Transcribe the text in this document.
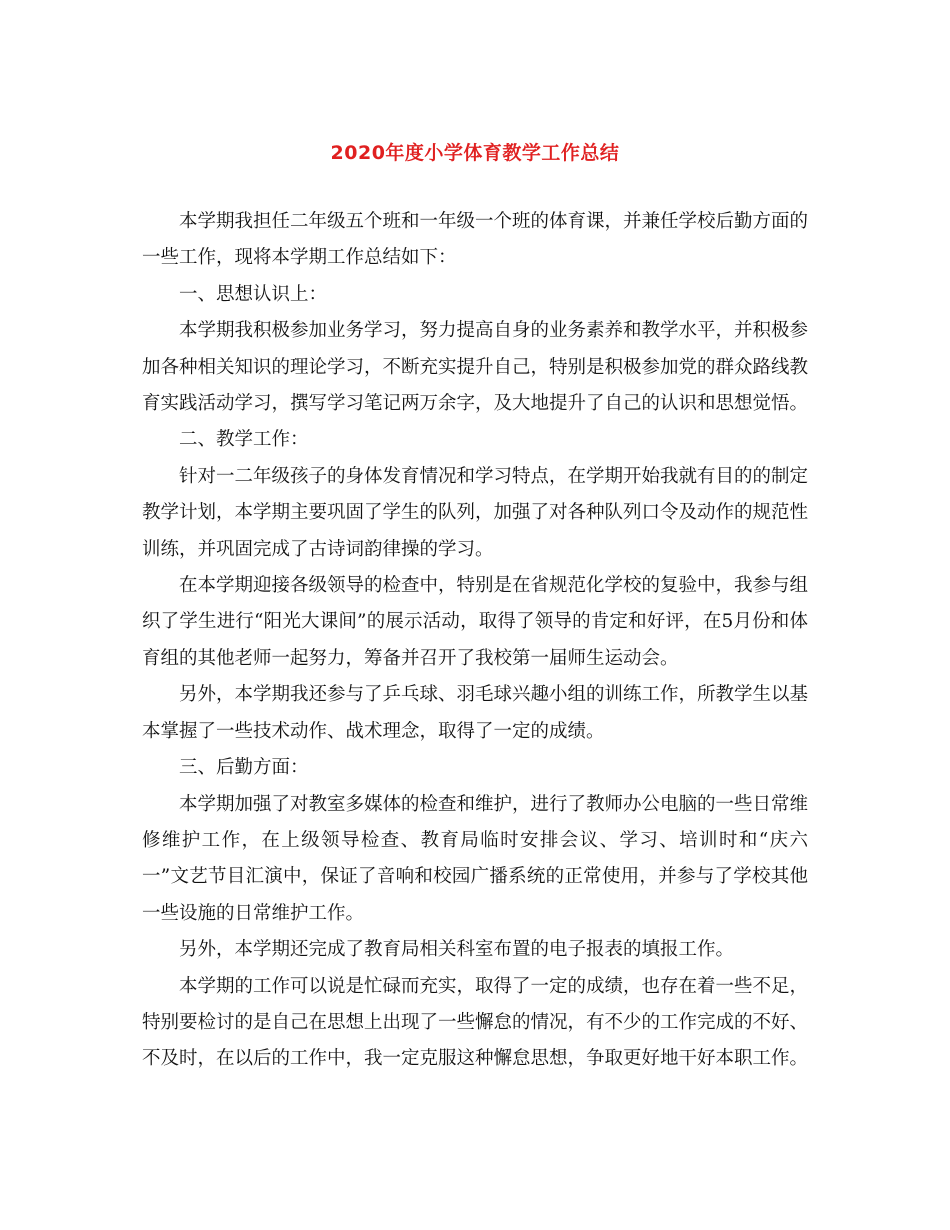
2020年度小学体育教学工作总结

本学期我担任二年级五个班和一年级一个班的体育课，并兼任学校后勤方面的一些工作，现将本学期工作总结如下：

一、思想认识上：

本学期我积极参加业务学习，努力提高自身的业务素养和教学水平，并积极参加各种相关知识的理论学习，不断充实提升自己，特别是积极参加党的群众路线教育实践活动学习，撰写学习笔记两万余字，及大地提升了自己的认识和思想觉悟。

二、教学工作：

针对一二年级孩子的身体发育情况和学习特点，在学期开始我就有目的的制定教学计划，本学期主要巩固了学生的队列，加强了对各种队列口令及动作的规范性训练，并巩固完成了古诗词韵律操的学习。

在本学期迎接各级领导的检查中，特别是在省规范化学校的复验中，我参与组织了学生进行“阳光大课间”的展示活动，取得了领导的肯定和好评，在5月份和体育组的其他老师一起努力，筹备并召开了我校第一届师生运动会。

另外，本学期我还参与了乒乓球、羽毛球兴趣小组的训练工作，所教学生以基本掌握了一些技术动作、战术理念，取得了一定的成绩。

三、后勤方面：

本学期加强了对教室多媒体的检查和维护，进行了教师办公电脑的一些日常维修维护工作，在上级领导检查、教育局临时安排会议、学习、培训时和“庆六一”文艺节目汇演中，保证了音响和校园广播系统的正常使用，并参与了学校其他一些设施的日常维护工作。

另外，本学期还完成了教育局相关科室布置的电子报表的填报工作。

本学期的工作可以说是忙碌而充实，取得了一定的成绩，也存在着一些不足，特别要检讨的是自己在思想上出现了一些懈怠的情况，有不少的工作完成的不好、不及时，在以后的工作中，我一定克服这种懈怠思想，争取更好地干好本职工作。
